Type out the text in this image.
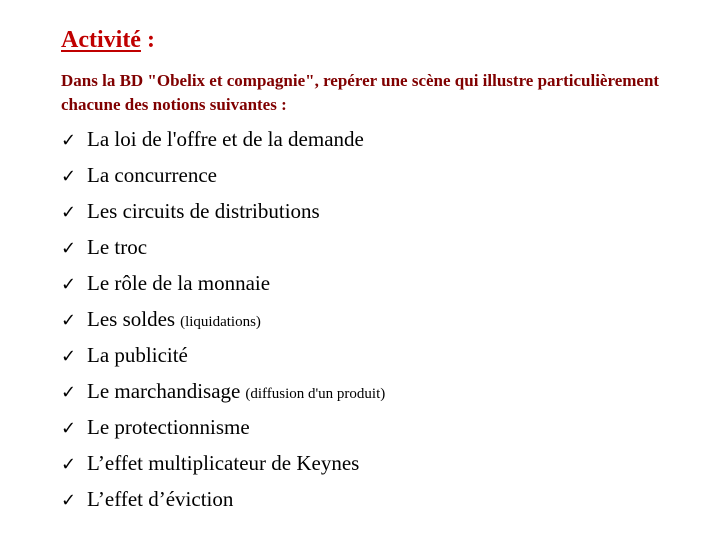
Activité :
Dans la BD "Obelix et compagnie", repérer une scène qui illustre particulièrement chacune des notions suivantes :
✓ La loi de l'offre et de la demande
✓ La concurrence
✓ Les circuits de distributions
✓ Le troc
✓ Le rôle de la monnaie
✓ Les soldes (liquidations)
✓ La publicité
✓ Le marchandisage (diffusion d'un produit)
✓ Le protectionnisme
✓ L’effet multiplicateur de Keynes
✓ L’effet d’éviction
